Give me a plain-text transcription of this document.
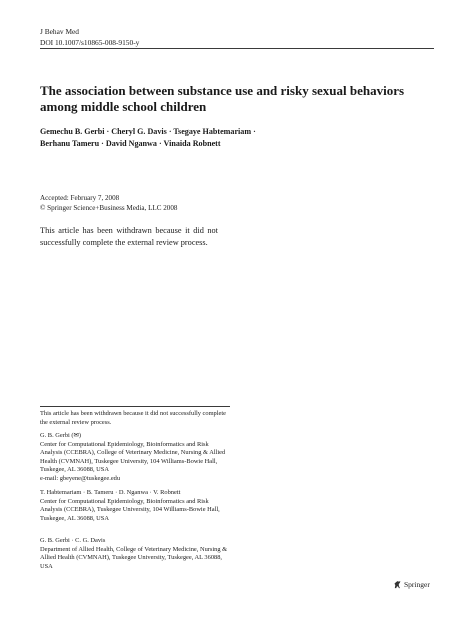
J Behav Med
DOI 10.1007/s10865-008-9150-y
The association between substance use and risky sexual behaviors among middle school children
Gemechu B. Gerbi · Cheryl G. Davis · Tsegaye Habtemariam ·
Berhanu Tameru · David Nganwa · Vinaida Robnett
Accepted: February 7, 2008
© Springer Science+Business Media, LLC 2008
This article has been withdrawn because it did not successfully complete the external review process.
This article has been withdrawn because it did not successfully complete the external review process.
G. B. Gerbi (✉)
Center for Computational Epidemiology, Bioinformatics and Risk Analysis (CCEBRA), College of Veterinary Medicine, Nursing & Allied Health (CVMNAH), Tuskegee University, 104 Williams-Bowie Hall, Tuskegee, AL 36088, USA
e-mail: gbeyene@tuskegee.edu
T. Habtemariam · B. Tameru · D. Nganwa · V. Robnett
Center for Computational Epidemiology, Bioinformatics and Risk Analysis (CCEBRA), Tuskegee University, 104 Williams-Bowie Hall, Tuskegee, AL 36088, USA
G. B. Gerbi · C. G. Davis
Department of Allied Health, College of Veterinary Medicine, Nursing & Allied Health (CVMNAH), Tuskegee University, Tuskegee, AL 36088, USA
Springer
